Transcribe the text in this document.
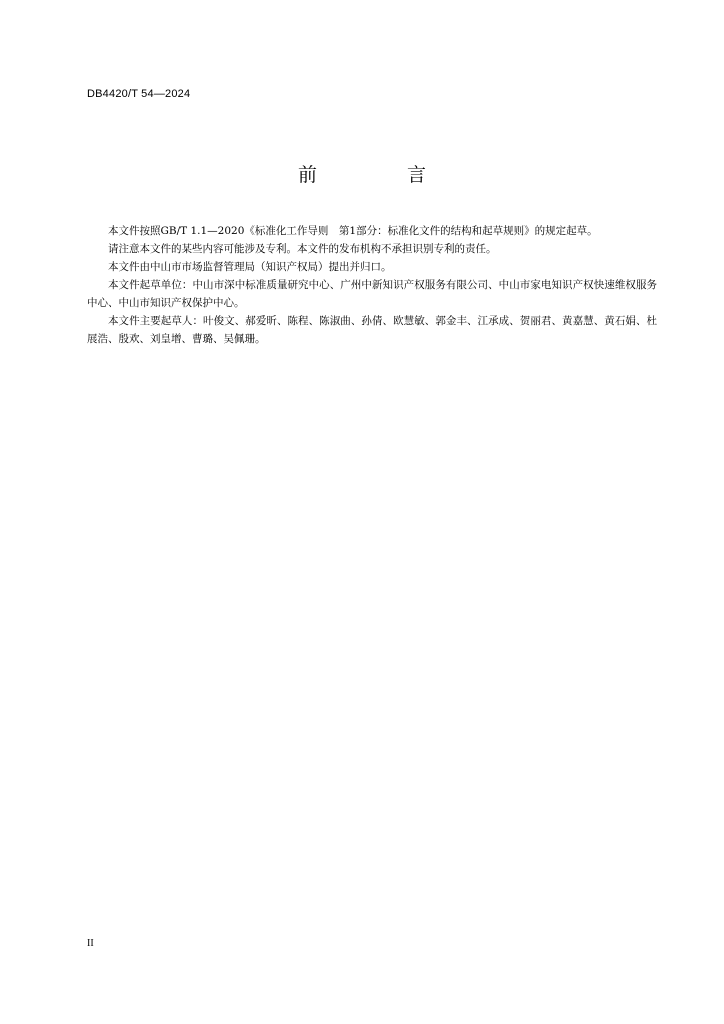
DB4420/T 54—2024
前 言

本文件按照GB/T 1.1—2020《标准化工作导则　第1部分：标准化文件的结构和起草规则》的规定起草。

请注意本文件的某些内容可能涉及专利。本文件的发布机构不承担识别专利的责任。

本文件由中山市市场监督管理局（知识产权局）提出并归口。

本文件起草单位：中山市深中标准质量研究中心、广州中新知识产权服务有限公司、中山市家电知识产权快速维权服务中心、中山市知识产权保护中心。

本文件主要起草人：叶俊文、郝爱昕、陈程、陈淑曲、孙倩、欧慧敏、郭金丰、江承成、贺丽君、黄嘉慧、黄石娟、杜展浩、殷欢、刘皇增、曹璐、吴佩珊。

II
